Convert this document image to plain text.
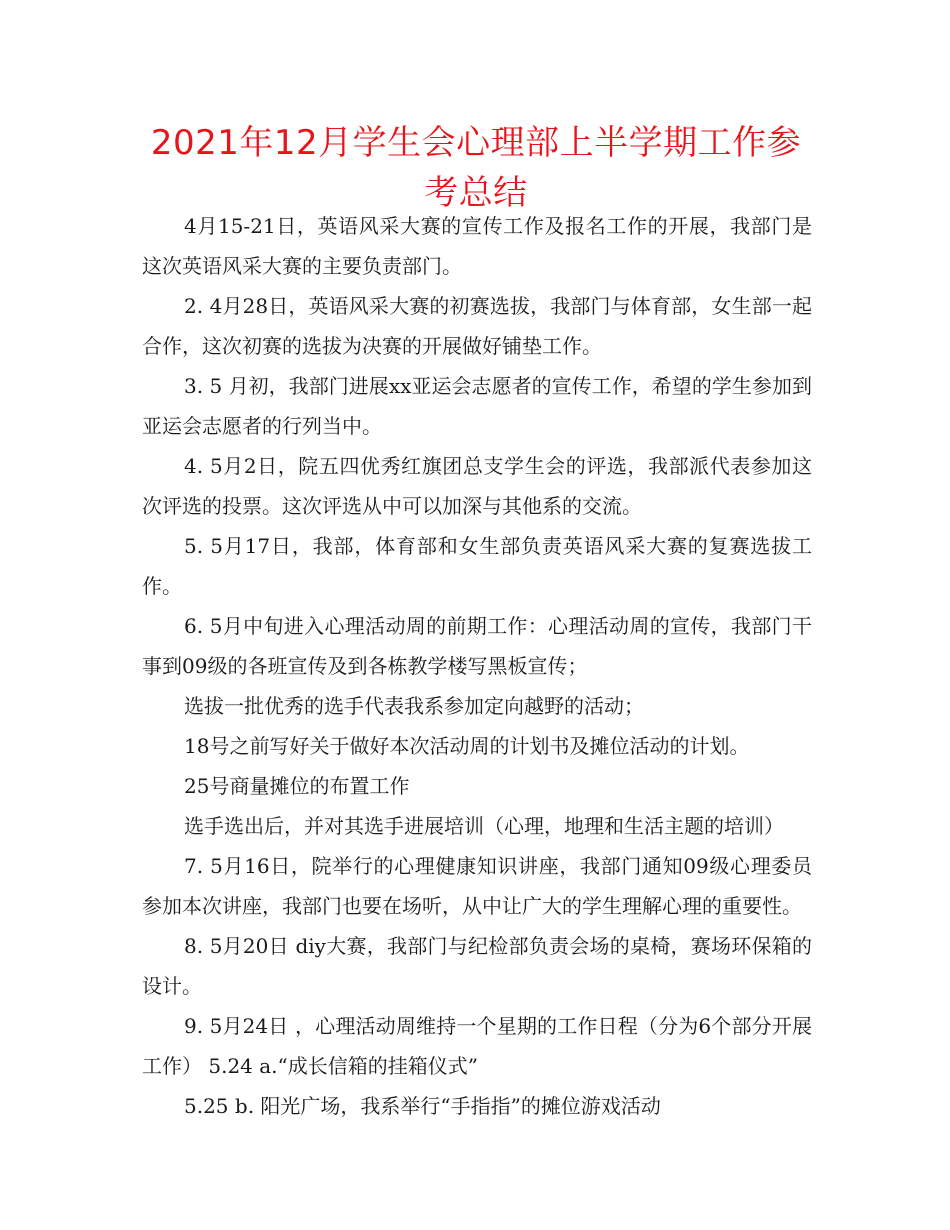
2021年12月学生会心理部上半学期工作参考总结

4月15-21日，英语风采大赛的宣传工作及报名工作的开展，我部门是这次英语风采大赛的主要负责部门。

2. 4月28日，英语风采大赛的初赛选拔，我部门与体育部，女生部一起合作，这次初赛的选拔为决赛的开展做好铺垫工作。

3. 5 月初，我部门进展xx亚运会志愿者的宣传工作，希望的学生参加到亚运会志愿者的行列当中。

4. 5月2日，院五四优秀红旗团总支学生会的评选，我部派代表参加这次评选的投票。这次评选从中可以加深与其他系的交流。

5. 5月17日，我部，体育部和女生部负责英语风采大赛的复赛选拔工作。

6. 5月中旬进入心理活动周的前期工作：心理活动周的宣传，我部门干事到09级的各班宣传及到各栋教学楼写黑板宣传；

选拔一批优秀的选手代表我系参加定向越野的活动；

18号之前写好关于做好本次活动周的计划书及摊位活动的计划。

25号商量摊位的布置工作

选手选出后，并对其选手进展培训（心理，地理和生活主题的培训）

7. 5月16日，院举行的心理健康知识讲座，我部门通知09级心理委员参加本次讲座，我部门也要在场听，从中让广大的学生理解心理的重要性。

8. 5月20日 diy大赛，我部门与纪检部负责会场的桌椅，赛场环保箱的设计。

9. 5月24日 ，心理活动周维持一个星期的工作日程（分为6个部分开展工作） 5.24 a.“成长信箱的挂箱仪式”

5.25 b. 阳光广场，我系举行“手指指”的摊位游戏活动
